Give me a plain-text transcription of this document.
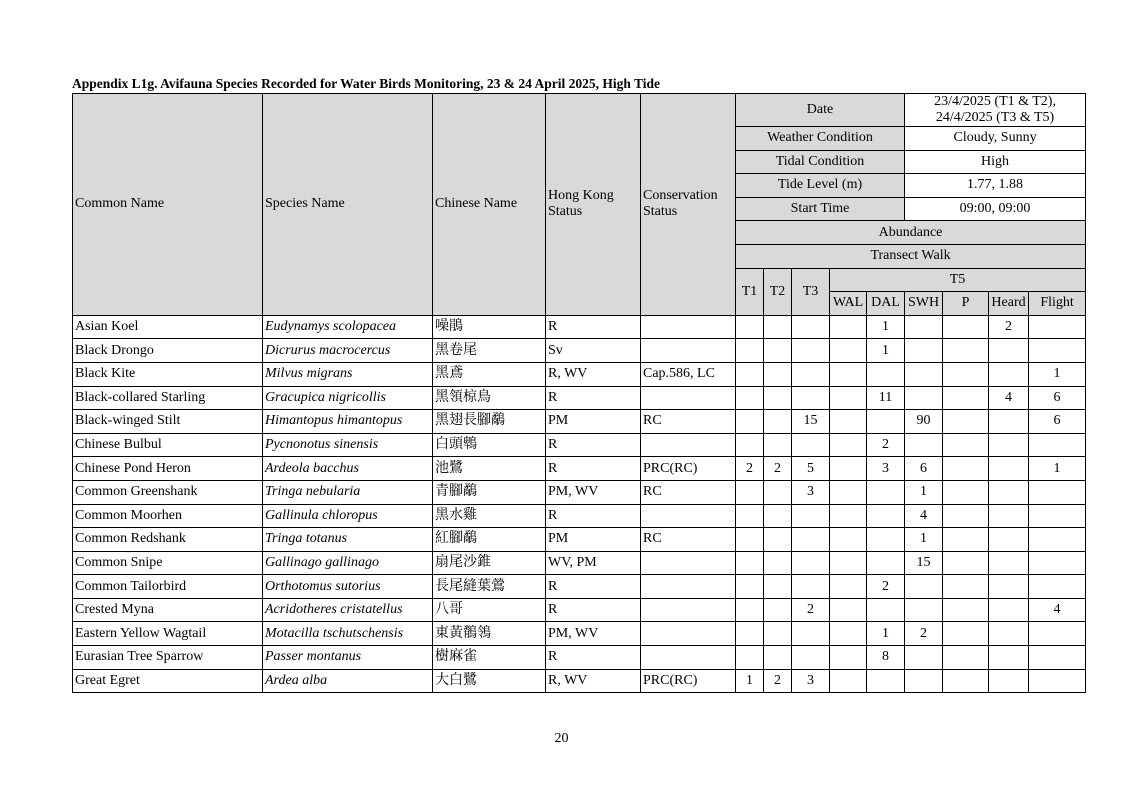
Appendix L1g. Avifauna Species Recorded for Water Birds Monitoring, 23 & 24 April 2025, High Tide
Common Name	Species Name	Chinese Name	Hong Kong Status	Conservation Status	Date					23/4/2025 (T1 & T2),
24/4/2025 (T3 & T5)			

					Weather Condition					Cloudy, Sunny			
					Tidal Condition					High			
					Tide Level (m)					1.77, 1.88			
					Start Time					09:00, 09:00			
					Abundance								
					Transect Walk								
					T1	T2	T3	T5					
								WAL	DAL	SWH	P	Heard	Flight
Asian Koel	Eudynamys scolopacea	噪鵑	R						1			2	
Black Drongo	Dicrurus macrocercus	黑卷尾	Sv						1				
Black Kite	Milvus migrans	黑鳶	R, WV	Cap.586, LC									1
Black-collared Starling	Gracupica nigricollis	黑領椋鳥	R						11			4	6
Black-winged Stilt	Himantopus himantopus	黑翅長腳鷸	PM	RC			15			90			6
Chinese Bulbul	Pycnonotus sinensis	白頭鵯	R						2				
Chinese Pond Heron	Ardeola bacchus	池鷺	R	PRC(RC)	2	2	5		3	6			1
Common Greenshank	Tringa nebularia	青腳鷸	PM, WV	RC			3			1			
Common Moorhen	Gallinula chloropus	黑水雞	R							4			
Common Redshank	Tringa totanus	紅腳鷸	PM	RC						1			
Common Snipe	Gallinago gallinago	扇尾沙錐	WV, PM							15			
Common Tailorbird	Orthotomus sutorius	長尾縫葉鶯	R						2				
Crested Myna	Acridotheres cristatellus	八哥	R				2						4
Eastern Yellow Wagtail	Motacilla tschutschensis	東黃鶺鴒	PM, WV						1	2			
Eurasian Tree Sparrow	Passer montanus	樹麻雀	R						8				
Great Egret	Ardea alba	大白鷺	R, WV	PRC(RC)	1	2	3						
20
